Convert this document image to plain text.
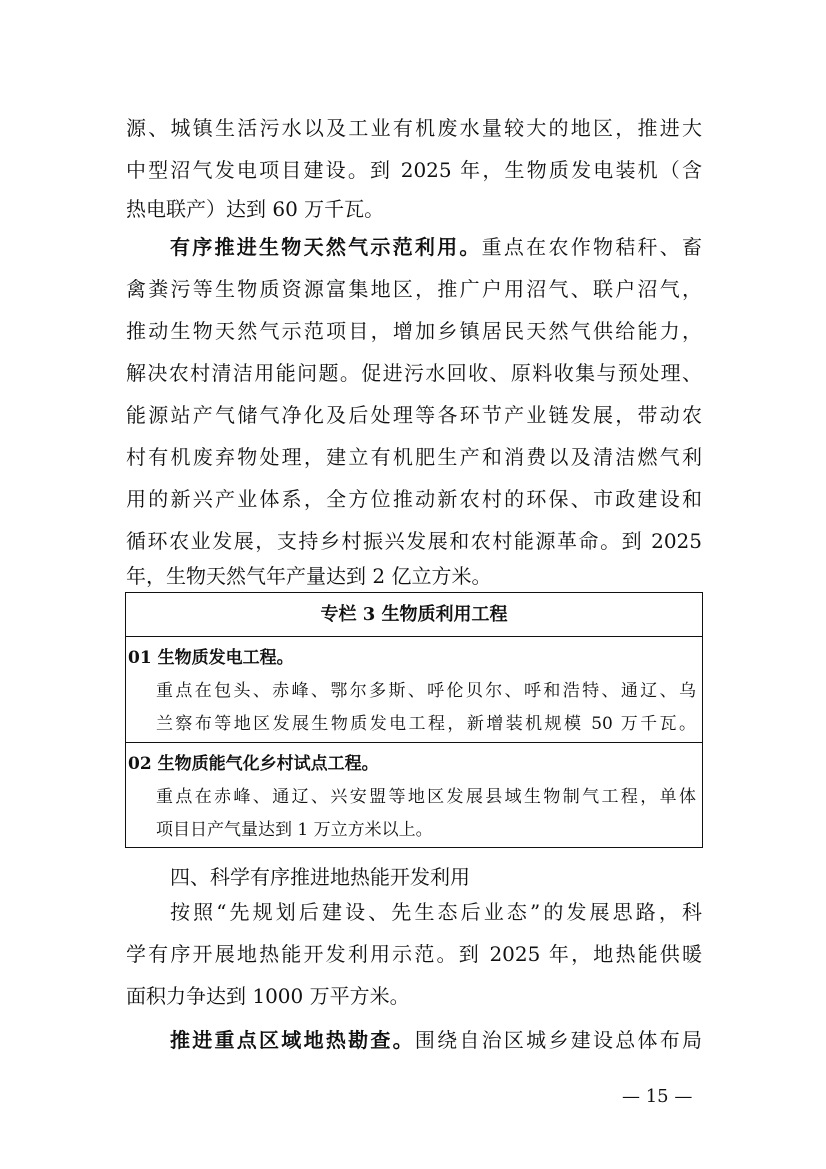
源、城镇生活污水以及工业有机废水量较大的地区，推进大
中型沼气发电项目建设。到 2025 年，生物质发电装机（含
热电联产）达到 60 万千瓦。
有序推进生物天然气示范利用。重点在农作物秸秆、畜
禽粪污等生物质资源富集地区，推广户用沼气、联户沼气，
推动生物天然气示范项目，增加乡镇居民天然气供给能力，
解决农村清洁用能问题。促进污水回收、原料收集与预处理、
能源站产气储气净化及后处理等各环节产业链发展，带动农
村有机废弃物处理，建立有机肥生产和消费以及清洁燃气利
用的新兴产业体系，全方位推动新农村的环保、市政建设和
循环农业发展，支持乡村振兴发展和农村能源革命。到 2025
年，生物天然气年产量达到 2 亿立方米。
专栏 3 生物质利用工程
01 生物质发电工程。
重点在包头、赤峰、鄂尔多斯、呼伦贝尔、呼和浩特、通辽、乌
兰察布等地区发展生物质发电工程，新增装机规模 50 万千瓦。
02 生物质能气化乡村试点工程。
重点在赤峰、通辽、兴安盟等地区发展县域生物制气工程，单体
项目日产气量达到 1 万立方米以上。
四、科学有序推进地热能开发利用
按照“先规划后建设、先生态后业态”的发展思路，科
学有序开展地热能开发利用示范。到 2025 年，地热能供暖
面积力争达到 1000 万平方米。
推进重点区域地热勘查。围绕自治区城乡建设总体布局
— 15 —
